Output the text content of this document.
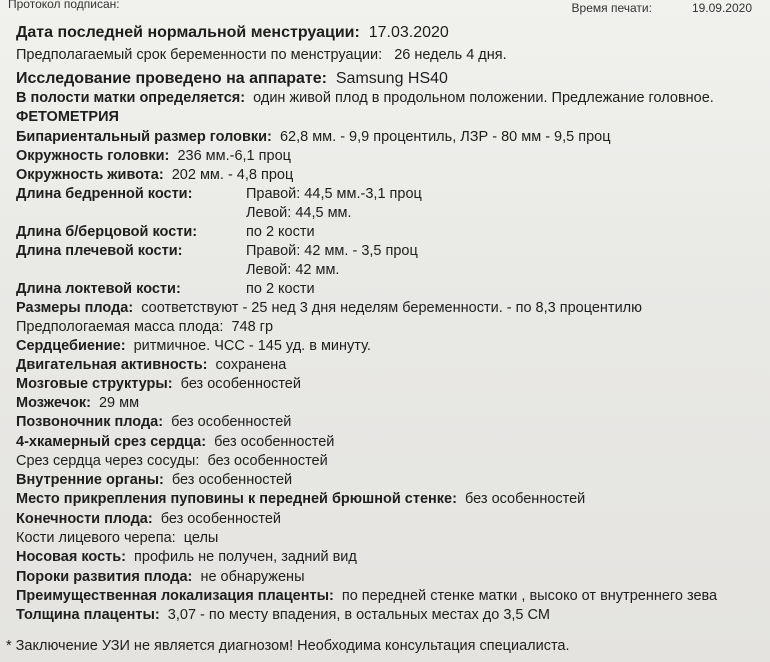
Протокол подписан:	Время печати:	19.09.2020
Дата последней нормальной менструации: 17.03.2020
Предполагаемый срок беременности по менструации: 26 недель 4 дня.
Исследование проведено на аппарате: Samsung HS40
В полости матки определяется: один живой плод в продольном положении. Предлежание головное.
ФЕТОМЕТРИЯ
Бипариентальный размер головки: 62,8 мм. - 9,9 процентиль, ЛЗР - 80 мм - 9,5 проц
Окружность головки: 236 мм.-6,1 проц
Окружность живота: 202 мм. - 4,8 проц
Длина бедренной кости:	Правой: 44,5 мм.-3,1 проц
Левой: 44,5 мм.
Длина б/берцовой кости:	по 2 кости
Длина плечевой кости:	Правой: 42 мм. - 3,5 проц
Левой: 42 мм.
Длина локтевой кости:	по 2 кости
Размеры плода: соответствуют - 25 нед 3 дня неделям беременности. - по 8,3 процентилю
Предпологаемая масса плода: 748 гр
Сердцебиение: ритмичное. ЧСС - 145 уд. в минуту.
Двигательная активность: сохранена
Мозговые структуры: без особенностей
Мозжечок: 29 мм
Позвоночник плода: без особенностей
4-хкамерный срез сердца: без особенностей
Срез сердца через сосуды: без особенностей
Внутренние органы: без особенностей
Место прикрепления пуповины к передней брюшной стенке: без особенностей
Конечности плода: без особенностей
Кости лицевого черепа: целы
Носовая кость: профиль не получен, задний вид
Пороки развития плода: не обнаружены
Преимущественная локализация плаценты: по передней стенке матки , высоко от внутреннего зева
Толщина плаценты: 3,07 - по месту впадения, в остальных местах до 3,5 СМ
* Заключение УЗИ не является диагнозом! Необходима консультация специалиста.
